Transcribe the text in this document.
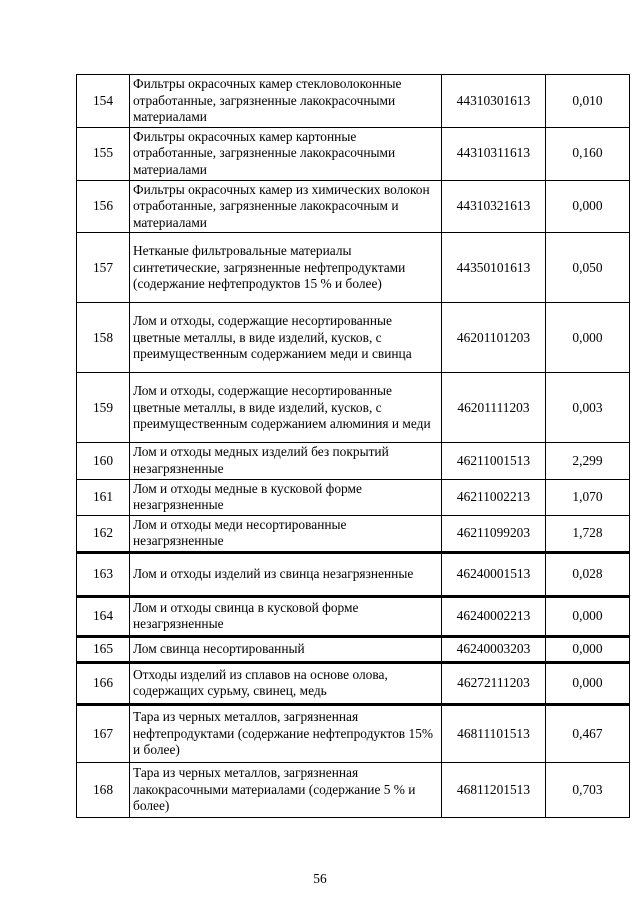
154	Фильтры окрасочных камер стекловолоконные отработанные, загрязненные лакокрасочными материалами	44310301613	0,010
155	Фильтры окрасочных камер картонные отработанные, загрязненные лакокрасочными материалами	44310311613	0,160
156	Фильтры окрасочных камер из химических волокон отработанные, загрязненные лакокрасочным и материалами	44310321613	0,000
157	Нетканые фильтровальные материалы синтетические, загрязненные нефтепродуктами (содержание нефтепродуктов 15 % и более)	44350101613	0,050
158	Лом и отходы, содержащие несортированные цветные металлы, в виде изделий, кусков, с преимущественным содержанием меди и свинца	46201101203	0,000
159	Лом и отходы, содержащие несортированные цветные металлы, в виде изделий, кусков, с преимущественным содержанием алюминия и меди	46201111203	0,003
160	Лом и отходы медных изделий без покрытий незагрязненные	46211001513	2,299
161	Лом и отходы медные в кусковой форме незагрязненные	46211002213	1,070
162	Лом и отходы меди несортированные незагрязненные	46211099203	1,728
163	Лом и отходы изделий из свинца незагрязненные	46240001513	0,028
164	Лом и отходы свинца в кусковой форме незагрязненные	46240002213	0,000
165	Лом свинца несортированный	46240003203	0,000
166	Отходы изделий из сплавов на основе олова, содержащих сурьму, свинец, медь	46272111203	0,000
167	Тара из черных металлов, загрязненная нефтепродуктами (содержание нефтепродуктов 15% и более)	46811101513	0,467
168	Тара из черных металлов, загрязненная лакокрасочными материалами (содержание 5 % и более)	46811201513	0,703
56
